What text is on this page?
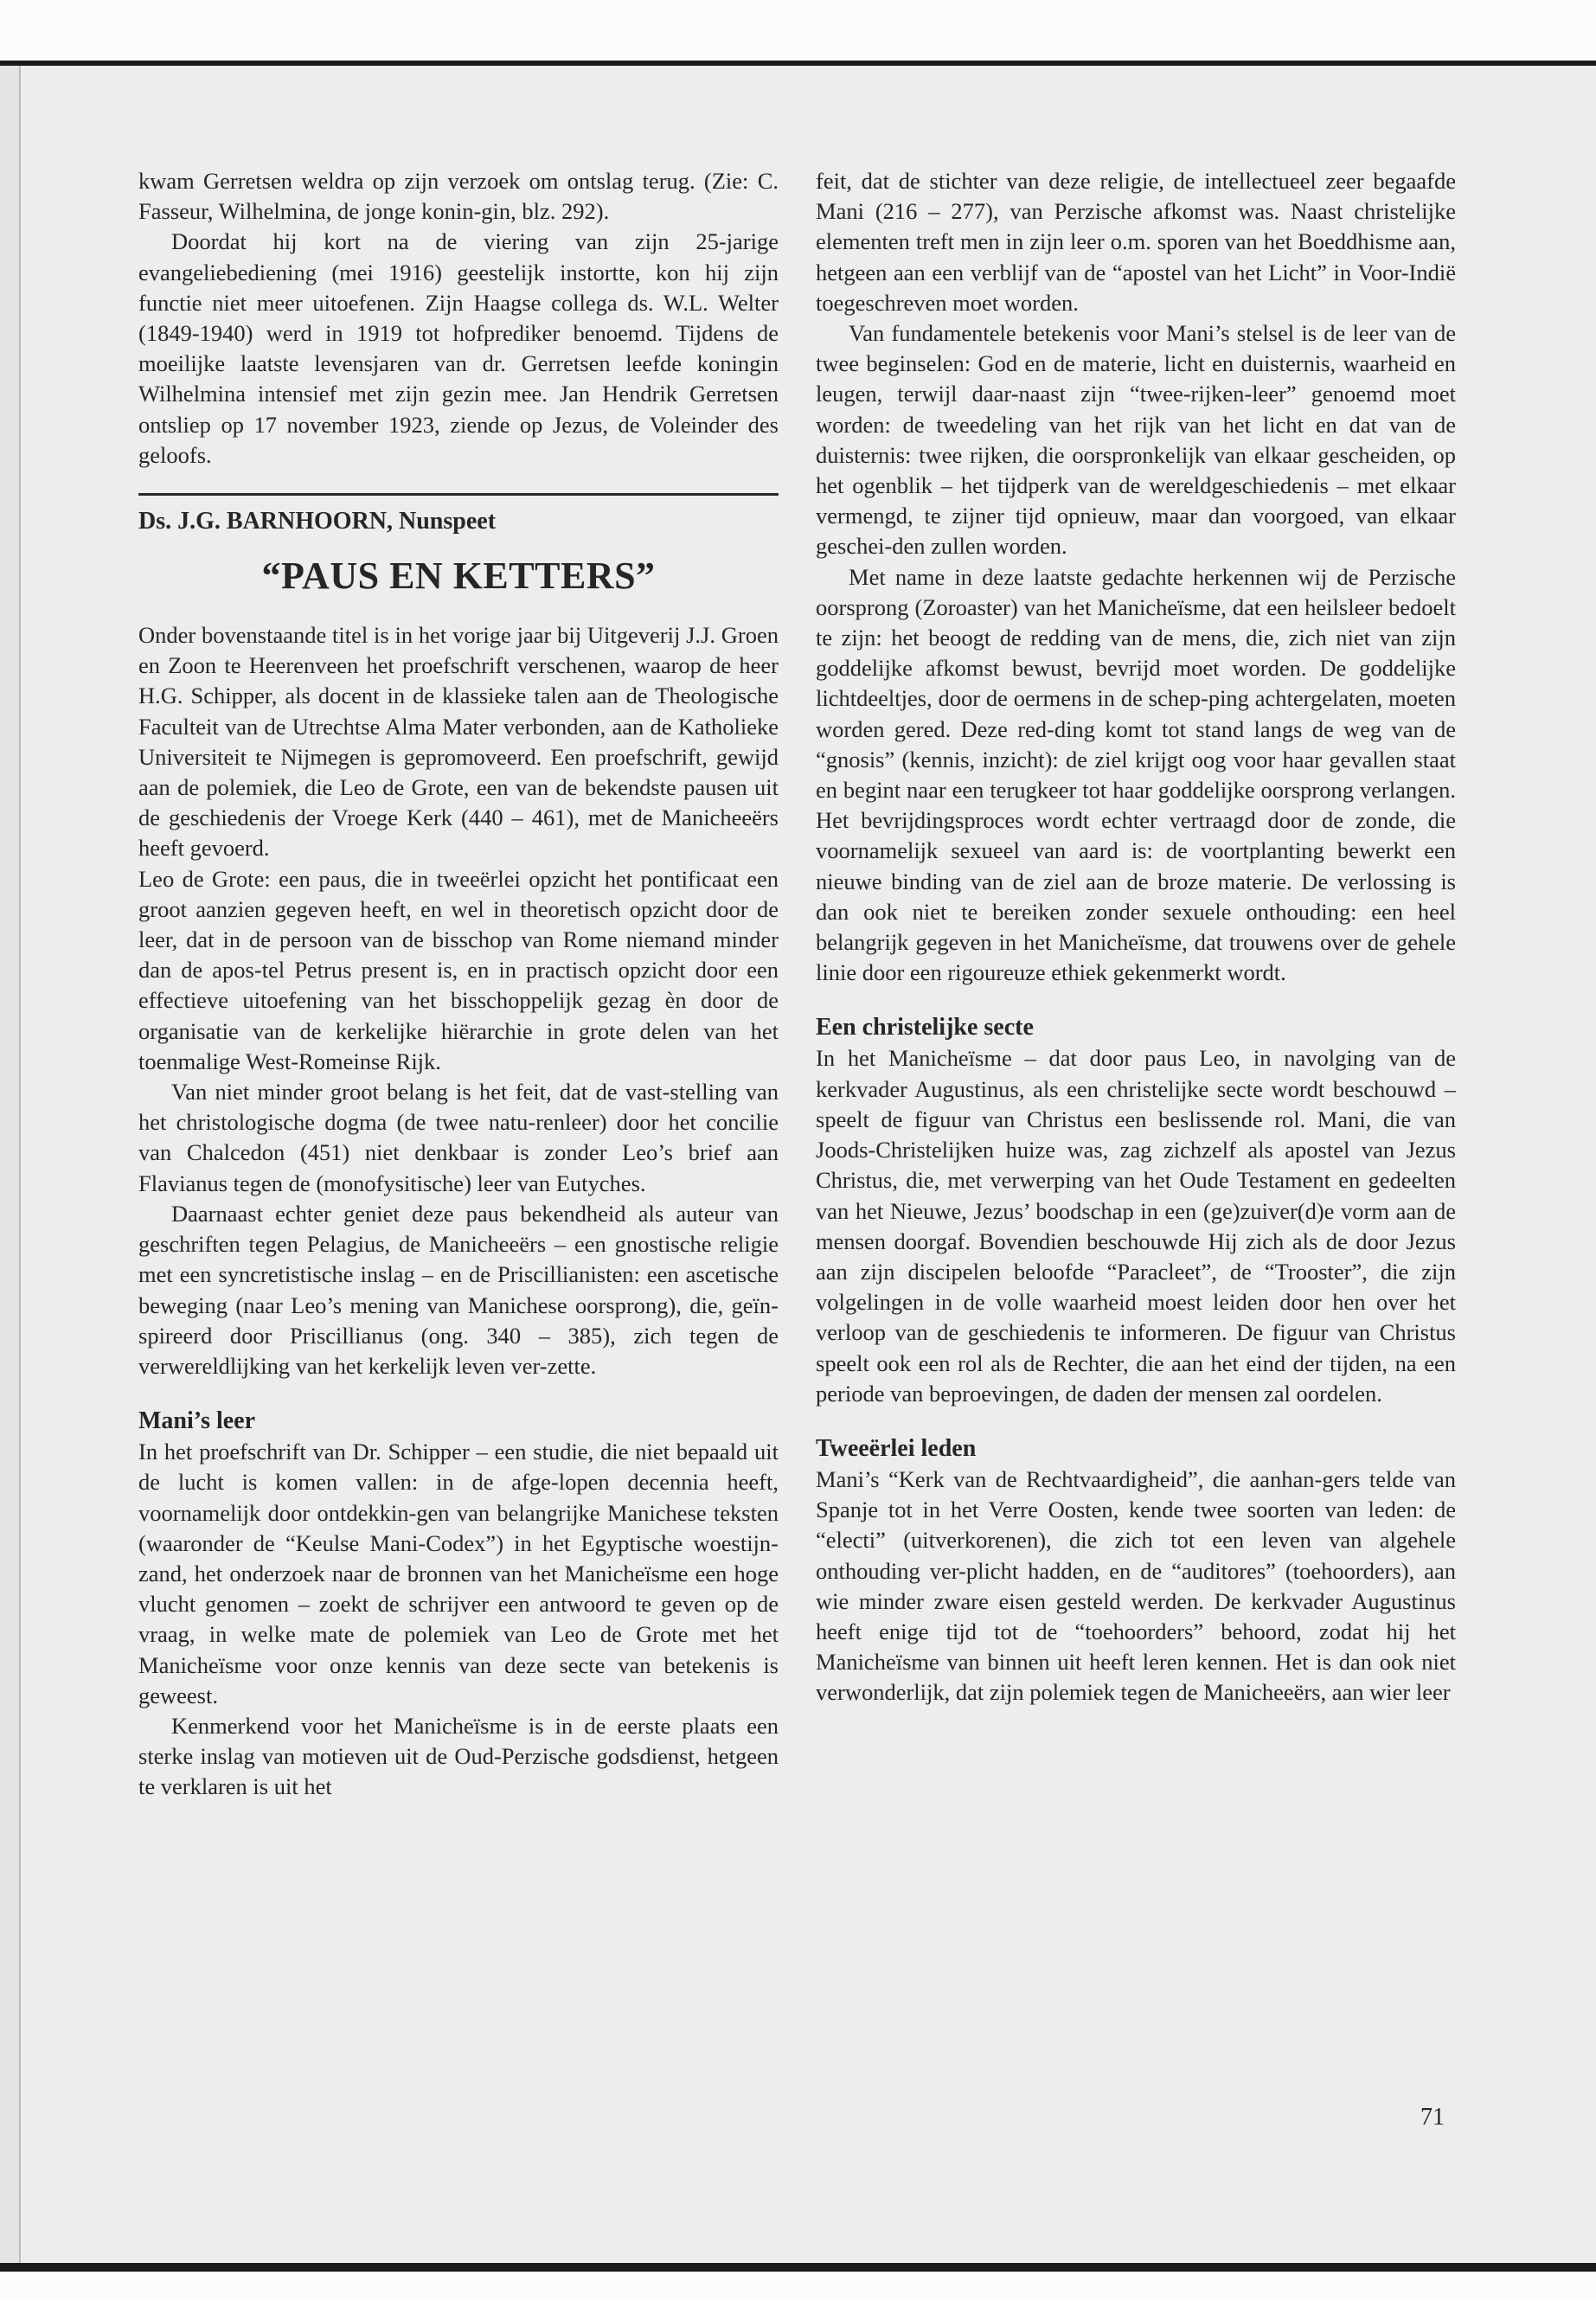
kwam Gerretsen weldra op zijn verzoek om ontslag terug. (Zie: C. Fasseur, Wilhelmina, de jonge konin-gin, blz. 292).

Doordat hij kort na de viering van zijn 25-jarige evangeliebediening (mei 1916) geestelijk instortte, kon hij zijn functie niet meer uitoefenen. Zijn Haagse collega ds. W.L. Welter (1849-1940) werd in 1919 tot hofprediker benoemd. Tijdens de moeilijke laatste levensjaren van dr. Gerretsen leefde koningin Wilhelmina intensief met zijn gezin mee. Jan Hendrik Gerretsen ontsliep op 17 november 1923, ziende op Jezus, de Voleinder des geloofs.

Ds. J.G. BARNHOORN, Nunspeet
“PAUS EN KETTERS”

Onder bovenstaande titel is in het vorige jaar bij Uitgeverij J.J. Groen en Zoon te Heerenveen het proefschrift verschenen, waarop de heer H.G. Schipper, als docent in de klassieke talen aan de Theologische Faculteit van de Utrechtse Alma Mater verbonden, aan de Katholieke Universiteit te Nijmegen is gepromoveerd. Een proefschrift, gewijd aan de polemiek, die Leo de Grote, een van de bekendste pausen uit de geschiedenis der Vroege Kerk (440 – 461), met de Manicheeërs heeft gevoerd.

Leo de Grote: een paus, die in tweeërlei opzicht het pontificaat een groot aanzien gegeven heeft, en wel in theoretisch opzicht door de leer, dat in de persoon van de bisschop van Rome niemand minder dan de apos-tel Petrus present is, en in practisch opzicht door een effectieve uitoefening van het bisschoppelijk gezag èn door de organisatie van de kerkelijke hiërarchie in grote delen van het toenmalige West-Romeinse Rijk.

Van niet minder groot belang is het feit, dat de vast-stelling van het christologische dogma (de twee natu-renleer) door het concilie van Chalcedon (451) niet denkbaar is zonder Leo’s brief aan Flavianus tegen de (monofysitische) leer van Eutyches.

Daarnaast echter geniet deze paus bekendheid als auteur van geschriften tegen Pelagius, de Manicheeërs – een gnostische religie met een syncretistische inslag – en de Priscillianisten: een ascetische beweging (naar Leo’s mening van Manichese oorsprong), die, geïn-spireerd door Priscillianus (ong. 340 – 385), zich tegen de verwereldlijking van het kerkelijk leven ver-zette.

Mani’s leer

In het proefschrift van Dr. Schipper – een studie, die niet bepaald uit de lucht is komen vallen: in de afge-lopen decennia heeft, voornamelijk door ontdekkin-gen van belangrijke Manichese teksten (waaronder de “Keulse Mani-Codex”) in het Egyptische woestijn-zand, het onderzoek naar de bronnen van het Manicheïsme een hoge vlucht genomen – zoekt de schrijver een antwoord te geven op de vraag, in welke mate de polemiek van Leo de Grote met het Manicheïsme voor onze kennis van deze secte van betekenis is geweest.

Kenmerkend voor het Manicheïsme is in de eerste plaats een sterke inslag van motieven uit de Oud-Perzische godsdienst, hetgeen te verklaren is uit het

feit, dat de stichter van deze religie, de intellectueel zeer begaafde Mani (216 – 277), van Perzische afkomst was. Naast christelijke elementen treft men in zijn leer o.m. sporen van het Boeddhisme aan, hetgeen aan een verblijf van de “apostel van het Licht” in Voor-Indië toegeschreven moet worden.

Van fundamentele betekenis voor Mani’s stelsel is de leer van de twee beginselen: God en de materie, licht en duisternis, waarheid en leugen, terwijl daar-naast zijn “twee-rijken-leer” genoemd moet worden: de tweedeling van het rijk van het licht en dat van de duisternis: twee rijken, die oorspronkelijk van elkaar gescheiden, op het ogenblik – het tijdperk van de wereldgeschiedenis – met elkaar vermengd, te zijner tijd opnieuw, maar dan voorgoed, van elkaar geschei-den zullen worden.

Met name in deze laatste gedachte herkennen wij de Perzische oorsprong (Zoroaster) van het Manicheïsme, dat een heilsleer bedoelt te zijn: het beoogt de redding van de mens, die, zich niet van zijn goddelijke afkomst bewust, bevrijd moet worden. De goddelijke lichtdeeltjes, door de oermens in de schep-ping achtergelaten, moeten worden gered. Deze red-ding komt tot stand langs de weg van de “gnosis” (kennis, inzicht): de ziel krijgt oog voor haar gevallen staat en begint naar een terugkeer tot haar goddelijke oorsprong verlangen. Het bevrijdingsproces wordt echter vertraagd door de zonde, die voornamelijk sexueel van aard is: de voortplanting bewerkt een nieuwe binding van de ziel aan de broze materie. De verlossing is dan ook niet te bereiken zonder sexuele onthouding: een heel belangrijk gegeven in het Manicheïsme, dat trouwens over de gehele linie door een rigoureuze ethiek gekenmerkt wordt.

Een christelijke secte

In het Manicheïsme – dat door paus Leo, in navolging van de kerkvader Augustinus, als een christelijke secte wordt beschouwd – speelt de figuur van Christus een beslissende rol. Mani, die van Joods-Christelijken huize was, zag zichzelf als apostel van Jezus Christus, die, met verwerping van het Oude Testament en gedeelten van het Nieuwe, Jezus’ boodschap in een (ge)zuiver(d)e vorm aan de mensen doorgaf. Bovendien beschouwde Hij zich als de door Jezus aan zijn discipelen beloofde “Paracleet”, de “Trooster”, die zijn volgelingen in de volle waarheid moest leiden door hen over het verloop van de geschiedenis te informeren. De figuur van Christus speelt ook een rol als de Rechter, die aan het eind der tijden, na een periode van beproevingen, de daden der mensen zal oordelen.

Tweeërlei leden

Mani’s “Kerk van de Rechtvaardigheid”, die aanhan-gers telde van Spanje tot in het Verre Oosten, kende twee soorten van leden: de “electi” (uitverkorenen), die zich tot een leven van algehele onthouding ver-plicht hadden, en de “auditores” (toehoorders), aan wie minder zware eisen gesteld werden. De kerkvader Augustinus heeft enige tijd tot de “toehoorders” behoord, zodat hij het Manicheïsme van binnen uit heeft leren kennen. Het is dan ook niet verwonderlijk, dat zijn polemiek tegen de Manicheeërs, aan wier leer

71
